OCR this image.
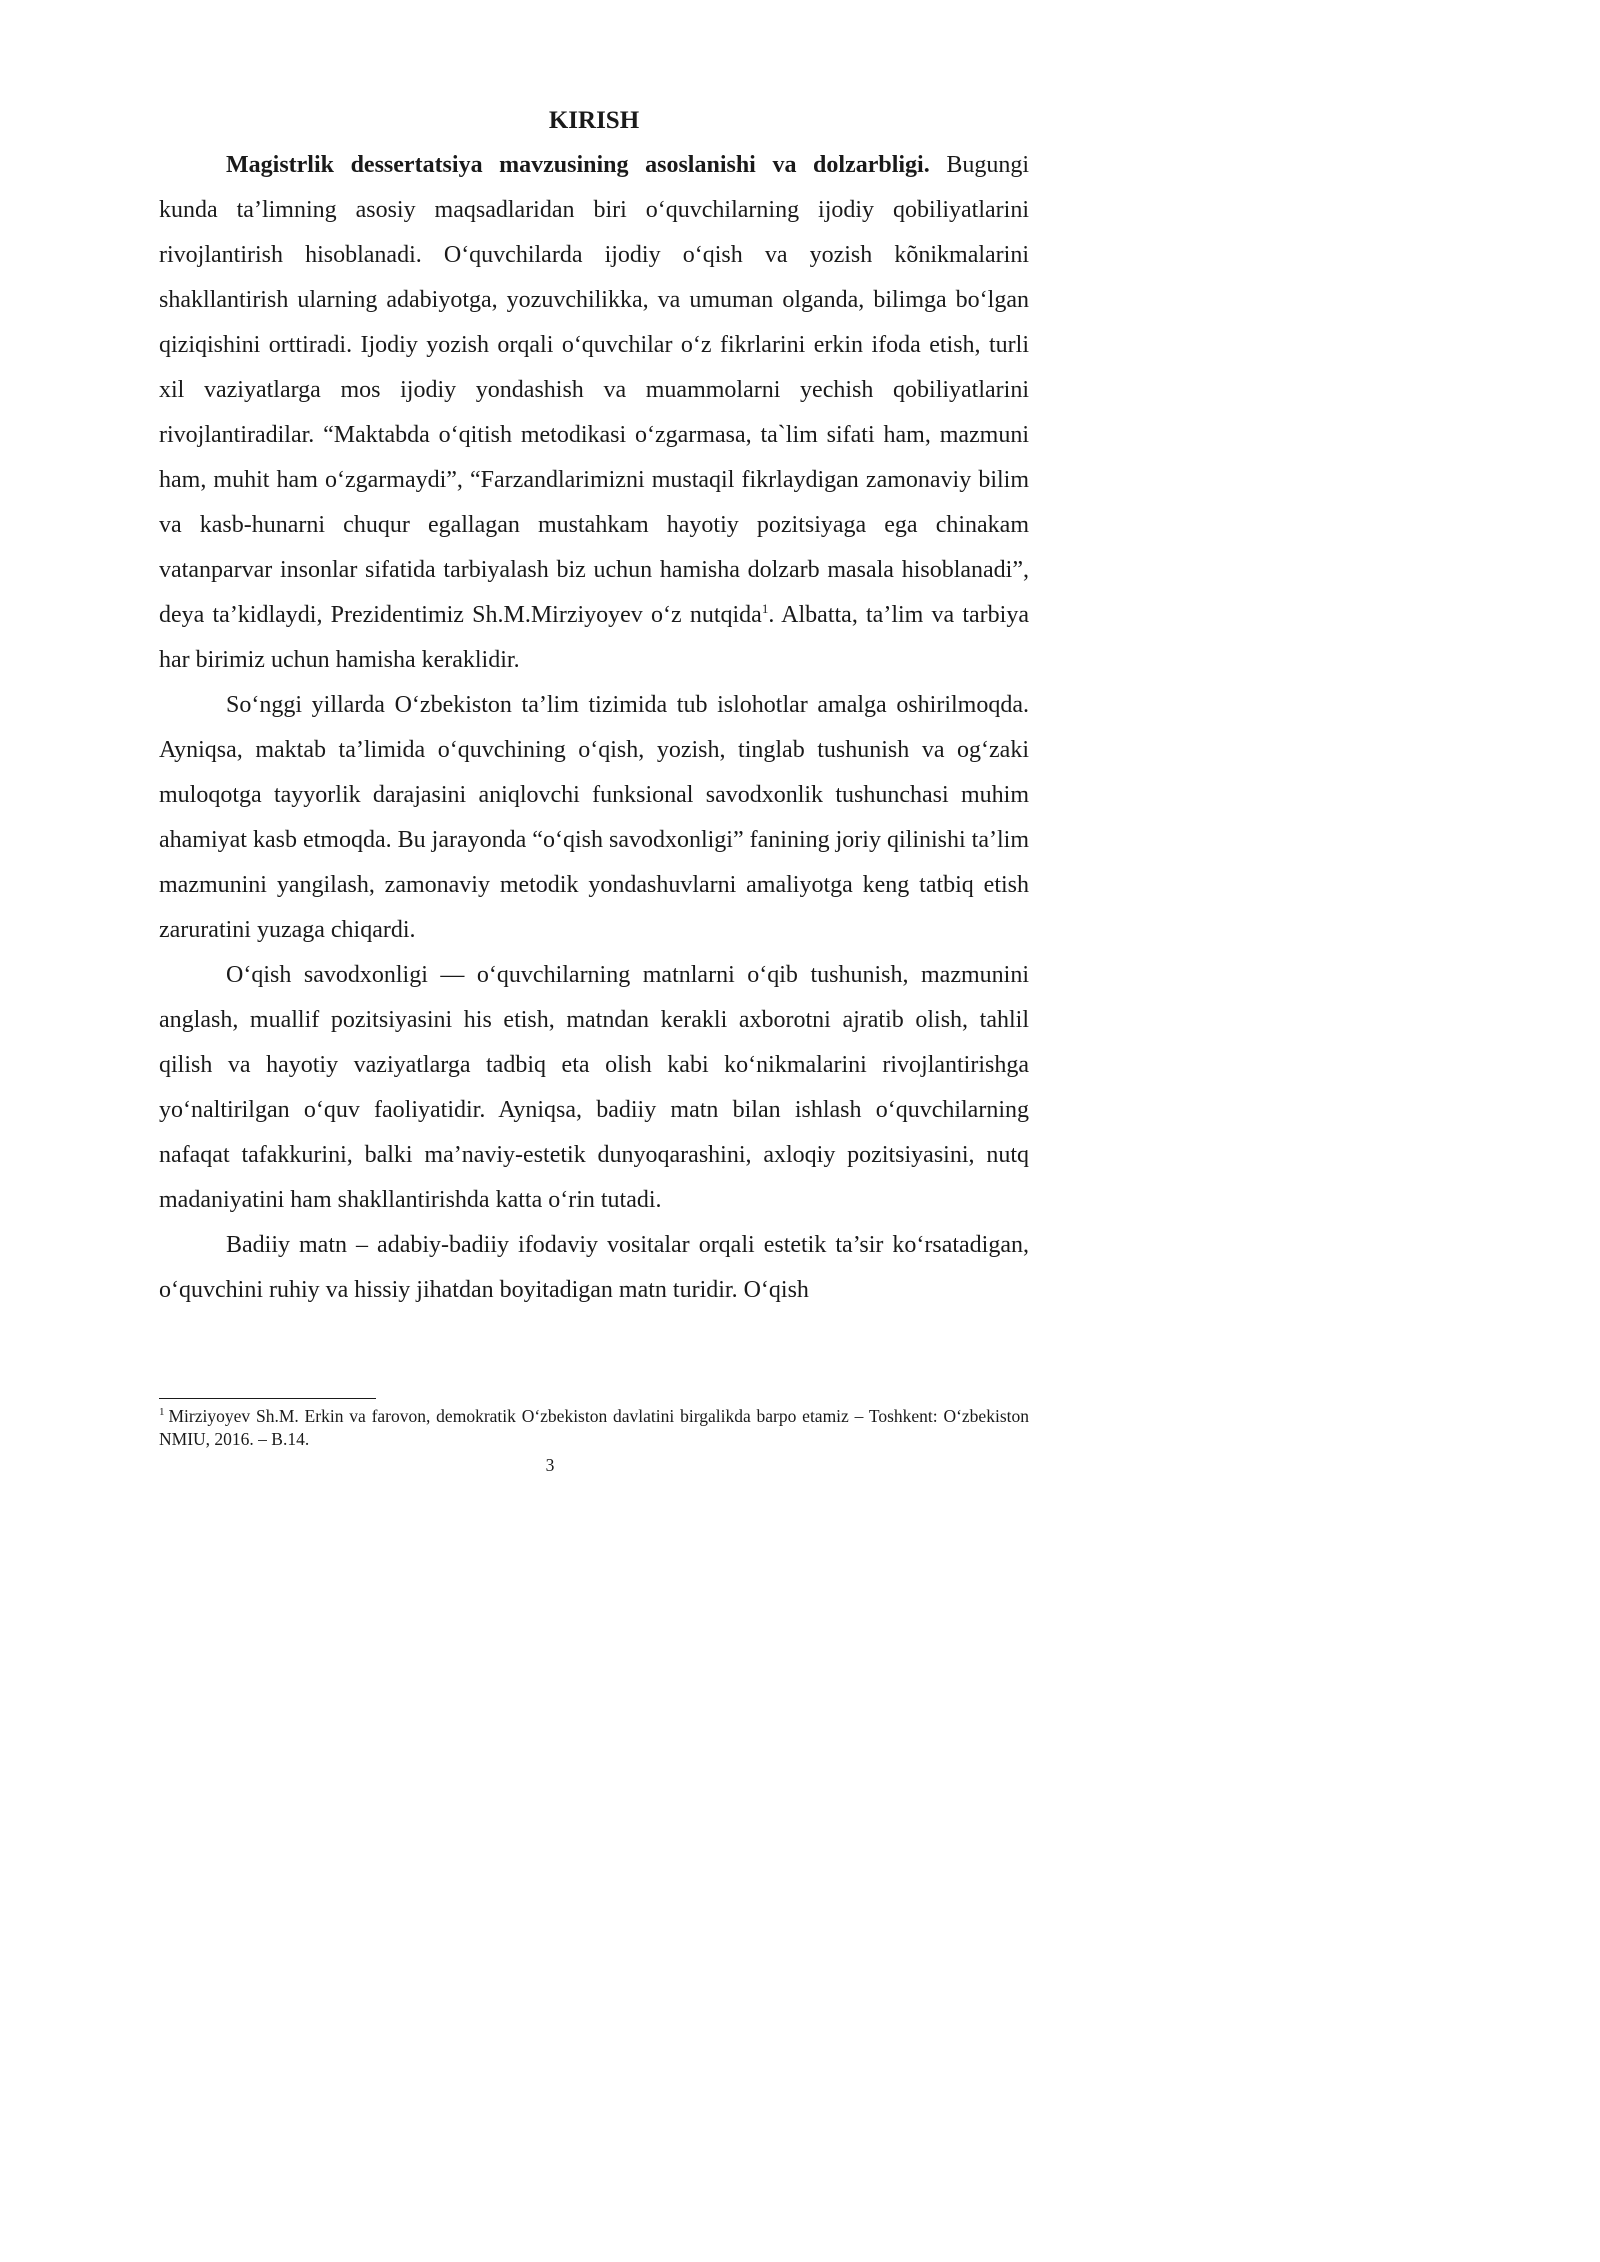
KIRISH

Magistrlik dessertatsiya mavzusining asoslanishi va dolzarbligi. Bugungi kunda ta’limning asosiy maqsadlaridan biri o‘quvchilarning ijodiy qobiliyatlarini rivojlantirish hisoblanadi. O‘quvchilarda ijodiy o‘qish va yozish kõnikmalarini shakllantirish ularning adabiyotga, yozuvchilikka, va umuman olganda, bilimga bo‘lgan qiziqishini orttiradi. Ijodiy yozish orqali o‘quvchilar o‘z fikrlarini erkin ifoda etish, turli xil vaziyatlarga mos ijodiy yondashish va muammolarni yechish qobiliyatlarini rivojlantiradilar. “Maktabda o‘qitish metodikasi o‘zgarmasa, ta`lim sifati ham, mazmuni ham, muhit ham o‘zgarmaydi”, “Farzandlarimizni mustaqil fikrlaydigan zamonaviy bilim va kasb-hunarni chuqur egallagan mustahkam hayotiy pozitsiyaga ega chinakam vatanparvar insonlar sifatida tarbiyalash biz uchun hamisha dolzarb masala hisoblanadi”, deya ta’kidlaydi, Prezidentimiz Sh.M.Mirziyoyev o‘z nutqida$^1$. Albatta, ta’lim va tarbiya har birimiz uchun hamisha keraklidir.

So‘nggi yillarda O‘zbekiston ta’lim tizimida tub islohotlar amalga oshirilmoqda. Ayniqsa, maktab ta’limida o‘quvchining o‘qish, yozish, tinglab tushunish va og‘zaki muloqotga tayyorlik darajasini aniqlovchi funksional savodxonlik tushunchasi muhim ahamiyat kasb etmoqda. Bu jarayonda “o‘qish savodxonligi” fanining joriy qilinishi ta’lim mazmunini yangilash, zamonaviy metodik yondashuvlarni amaliyotga keng tatbiq etish zaruratini yuzaga chiqardi.

O‘qish savodxonligi — o‘quvchilarning matnlarni o‘qib tushunish, mazmunini anglash, muallif pozitsiyasini his etish, matndan kerakli axborotni ajratib olish, tahlil qilish va hayotiy vaziyatlarga tadbiq eta olish kabi ko‘nikmalarini rivojlantirishga yo‘naltirilgan o‘quv faoliyatidir. Ayniqsa, badiiy matn bilan ishlash o‘quvchilarning nafaqat tafakkurini, balki ma’naviy-estetik dunyoqarashini, axloqiy pozitsiyasini, nutq madaniyatini ham shakllantirishda katta o‘rin tutadi.

Badiiy matn – adabiy-badiiy ifodaviy vositalar orqali estetik ta’sir ko‘rsatadigan, o‘quvchini ruhiy va hissiy jihatdan boyitadigan matn turidir. O‘qish

$^1$ Mirziyoyev Sh.M. Erkin va farovon, demokratik O‘zbekiston davlatini birgalikda barpo etamiz – Toshkent: O‘zbekiston NMIU, 2016. – B.14.

3
